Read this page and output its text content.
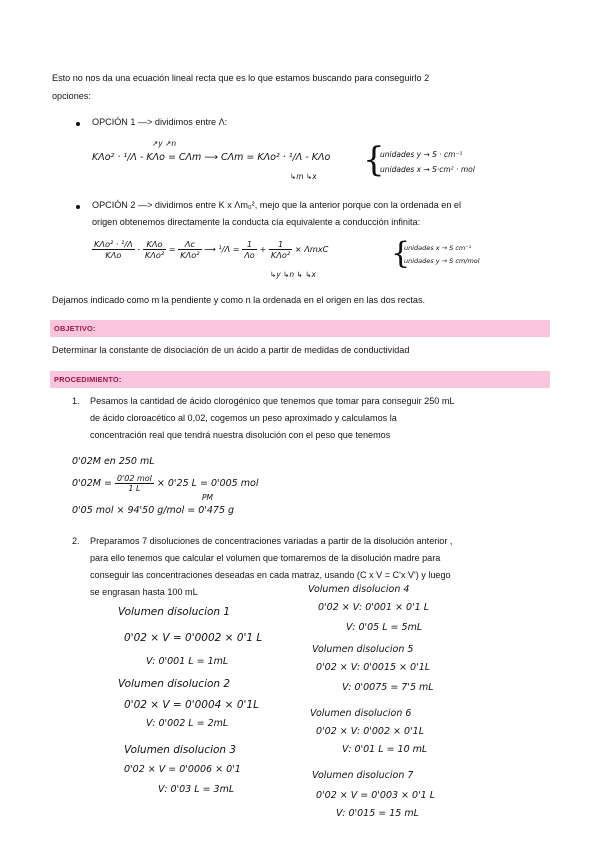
Esto no nos da una ecuación lineal recta que es lo que estamos buscando para conseguirlo 2
opciones:
OPCIÓN 1 —> dividimos entre Λ:
↗y ↗n
KΛo² · ¹/Λ - KΛo = CΛm ⟶ CΛm = KΛo² · ¹/Λ - KΛo
↳m ↳x {
unidades y → S · cm⁻¹
unidades x → S·cm² · mol
OPCIÓN 2 —> dividimos entre K x Λm₀², mejo que la anterior porque con la ordenada en el
origen obtenemos directamente la conducta cía equivalente a conducción infinita:
$\frac{\text{KΛo² · ¹/Λ}}{\text{KΛo}} - \frac{\text{KΛo}}{\text{KΛo²}} = \frac{\Lambda c}{\text{KΛo²}}$ ⟶ $^1/\Lambda = \frac{1}{\Lambda o} + \frac{1}{\text{KΛo²}} \times \Lambda mxC$
↳y ↳n ↳ ↳x
{
unidades x → S cm⁻¹
unidades y → S cm/mol
Dejamos indicado como m la pendiente y como n la ordenada en el origen en las dos rectas.
OBJETIVO:
Determinar la constante de disociación de un ácido a partir de medidas de conductividad
PROCEDIMIENTO:
1. Pesamos la cantidad de ácido clorogénico que tenemos que tomar para conseguir 250 mL
de ácido cloroacético al 0,02, cogemos un peso aproximado y calculamos la
concentración real que tendrá nuestra disolución con el peso que tenemos
0'02M en 250 mL
$0'02M = \frac{\text{0'02 mol}}{1 L} \times 0'25$ L = 0'005 mol
PM
0'05 mol × 94'50 g/mol = 0'475 g
2. Preparamos 7 disoluciones de concentraciones variadas a partir de la disolución anterior ,
para ello tenemos que calcular el volumen que tomaremos de la disolución madre para
conseguir las concentraciones deseadas en cada matraz, usando (C x V = C'x V') y luego
se engrasan hasta 100 mL
Volumen disolucion 1
0'02 × V = 0'0002 × 0'1 L
V: 0'001 L = 1mL
Volumen disolucion 2
0'02 × V = 0'0004 × 0'1L
V: 0'002 L = 2mL
Volumen disolucion 3
0'02 × V = 0'0006 × 0'1
V: 0'03 L = 3mL
Volumen disolucion 4
0'02 × V: 0'001 × 0'1 L
V: 0'05 L = 5mL
Volumen disolucion 5
0'02 × V: 0'0015 × 0'1L
V: 0'0075 = 7'5 mL
Volumen disolucion 6
0'02 × V: 0'002 × 0'1L
V: 0'01 L = 10 mL
Volumen disolucion 7
0'02 × V = 0'003 × 0'1 L
V: 0'015 = 15 mL
